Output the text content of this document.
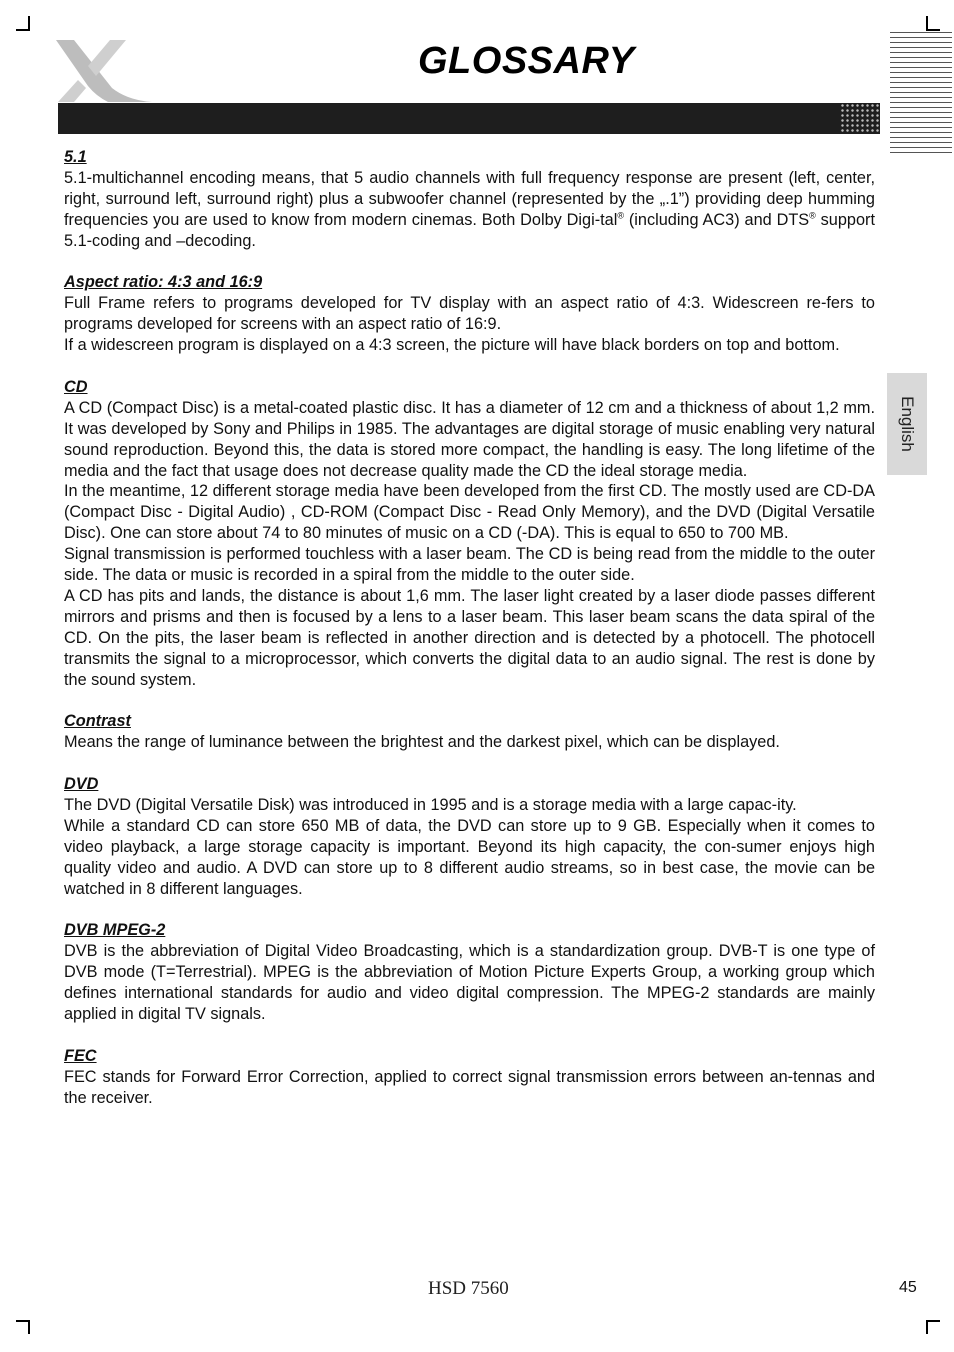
GLOSSARY
English
5.1

5.1-multichannel encoding means, that 5 audio channels with full frequency response are present (left, center, right, surround left, surround right) plus a subwoofer channel (represented by the „.1”) providing deep humming frequencies you are used to know from modern cinemas. Both Dolby Digi-tal® (including AC3) and DTS® support 5.1-coding and –decoding.

Aspect ratio: 4:3 and 16:9

Full Frame refers to programs developed for TV display with an aspect ratio of 4:3. Widescreen re-fers to programs developed for screens with an aspect ratio of 16:9.

If a widescreen program is displayed on a 4:3 screen, the picture will have black borders on top and bottom.

CD

A CD (Compact Disc) is a metal-coated plastic disc. It has a diameter of 12 cm and a thickness of about 1,2 mm. It was developed by Sony and Philips in 1985. The advantages are digital storage of music enabling very natural sound reproduction. Beyond this, the data is stored more compact, the handling is easy. The long lifetime of the media and the fact that usage does not decrease quality made the CD the ideal storage media.

In the meantime, 12 different storage media have been developed from the first CD. The mostly used are CD-DA (Compact Disc - Digital Audio) , CD-ROM (Compact Disc - Read Only Memory), and the DVD (Digital Versatile Disc). One can store about 74 to 80 minutes of music on a CD (-DA). This is equal to 650 to 700 MB.

Signal transmission is performed touchless with a laser beam. The CD is being read from the middle to the outer side. The data or music is recorded in a spiral from the middle to the outer side.

A CD has pits and lands, the distance is about 1,6 mm. The laser light created by a laser diode passes different mirrors and prisms and then is focused by a lens to a laser beam. This laser beam scans the data spiral of the CD. On the pits, the laser beam is reflected in another direction and is detected by a photocell. The photocell transmits the signal to a microprocessor, which converts the digital data to an audio signal. The rest is done by the sound system.

Contrast

Means the range of luminance between the brightest and the darkest pixel, which can be displayed.

DVD

The DVD (Digital Versatile Disk) was introduced in 1995 and is a storage media with a large capac-ity.

While a standard CD can store 650 MB of data, the DVD can store up to 9 GB. Especially when it comes to video playback, a large storage capacity is important. Beyond its high capacity, the con-sumer enjoys high quality video and audio. A DVD can store up to 8 different audio streams, so in best case, the movie can be watched in 8 different languages.

DVB MPEG-2

DVB is the abbreviation of Digital Video Broadcasting, which is a standardization group. DVB-T is one type of DVB mode (T=Terrestrial). MPEG is the abbreviation of Motion Picture Experts Group, a working group which defines international standards for audio and video digital compression. The MPEG-2 standards are mainly applied in digital TV signals.

FEC

FEC stands for Forward Error Correction, applied to correct signal transmission errors between an-tennas and the receiver.

HSD 7560	45
